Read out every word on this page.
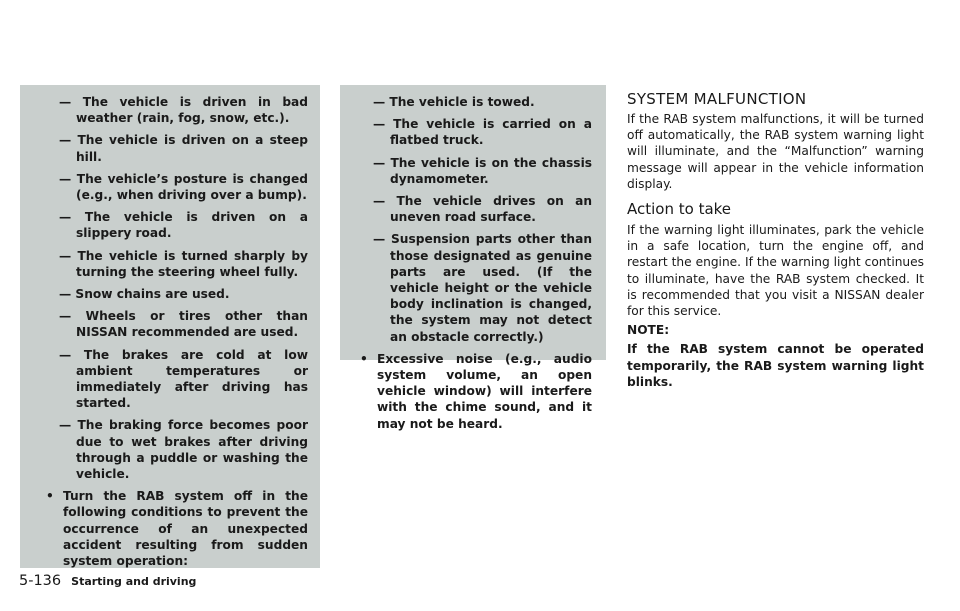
— The vehicle is driven in bad weather (rain, fog, snow, etc.).
— The vehicle is driven on a steep hill.
— The vehicle’s posture is changed (e.g., when driving over a bump).
— The vehicle is driven on a slippery road.
— The vehicle is turned sharply by turning the steering wheel fully.
— Snow chains are used.
— Wheels or tires other than NISSAN recommended are used.
— The brakes are cold at low ambient temperatures or immediately after driving has started.
— The braking force becomes poor due to wet brakes after driving through a puddle or washing the vehicle.
• Turn the RAB system off in the following conditions to prevent the occurrence of an unexpected accident resulting from sudden system operation:
— The vehicle is towed.
— The vehicle is carried on a flatbed truck.
— The vehicle is on the chassis dynamometer.
— The vehicle drives on an uneven road surface.
— Suspension parts other than those designated as genuine parts are used. (If the vehicle height or the vehicle body inclination is changed, the system may not detect an obstacle correctly.)
• Excessive noise (e.g., audio system volume, an open vehicle window) will interfere with the chime sound, and it may not be heard.
SYSTEM MALFUNCTION

If the RAB system malfunctions, it will be turned off automatically, the RAB system warning light will illuminate, and the “Malfunction” warning message will appear in the vehicle information display.

Action to take

If the warning light illuminates, park the vehicle in a safe location, turn the engine off, and restart the engine. If the warning light continues to illuminate, have the RAB system checked. It is recommended that you visit a NISSAN dealer for this service.

NOTE:

If the RAB system cannot be operated temporarily, the RAB system warning light blinks.

5-136 Starting and driving
